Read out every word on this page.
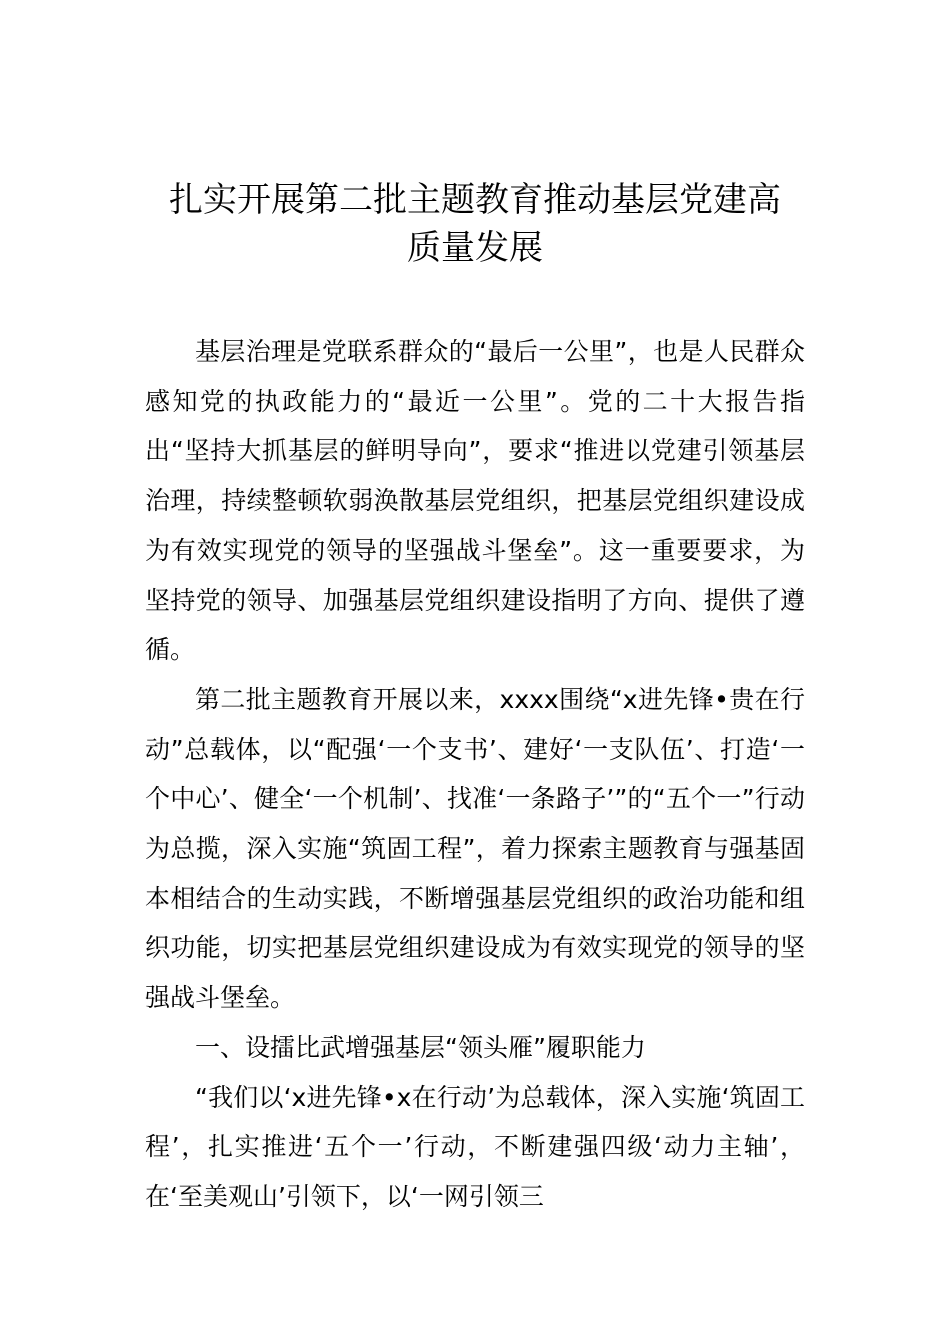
扎实开展第二批主题教育推动基层党建高
质量发展

基层治理是党联系群众的“最后一公里”，也是人民群众感知党的执政能力的“最近一公里”。党的二十大报告指出“坚持大抓基层的鲜明导向”，要求“推进以党建引领基层治理，持续整顿软弱涣散基层党组织，把基层党组织建设成为有效实现党的领导的坚强战斗堡垒”。这一重要要求，为坚持党的领导、加强基层党组织建设指明了方向、提供了遵循。

第二批主题教育开展以来，xxxx围绕“x进先锋•贵在行动”总载体，以“配强‘一个支书’、建好‘一支队伍’、打造‘一个中心’、健全‘一个机制’、找准‘一条路子’”的“五个一”行动为总揽，深入实施“筑固工程”，着力探索主题教育与强基固本相结合的生动实践，不断增强基层党组织的政治功能和组织功能，切实把基层党组织建设成为有效实现党的领导的坚强战斗堡垒。

一、设擂比武增强基层“领头雁”履职能力

“我们以‘x进先锋•x在行动’为总载体，深入实施‘筑固工程’，扎实推进‘五个一’行动，不断建强四级‘动力主轴’，在‘至美观山’引领下，以‘一网引领三
